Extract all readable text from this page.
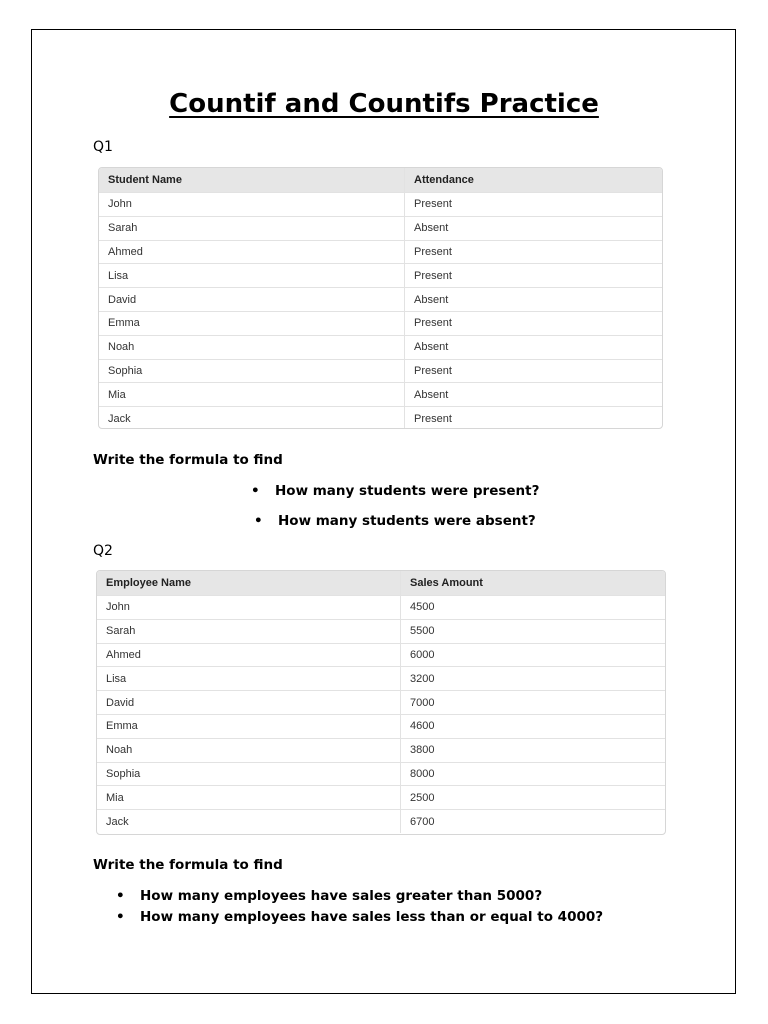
Countif and Countifs Practice
Q1
Student Name	Attendance
John	Present
Sarah	Absent
Ahmed	Present
Lisa	Present
David	Absent
Emma	Present
Noah	Absent
Sophia	Present
Mia	Absent
Jack	Present
Write the formula to find
• How many students were present?
• How many students were absent?
Q2
Employee Name	Sales Amount
John	4500
Sarah	5500
Ahmed	6000
Lisa	3200
David	7000
Emma	4600
Noah	3800
Sophia	8000
Mia	2500
Jack	6700
Write the formula to find
• How many employees have sales greater than 5000?
• How many employees have sales less than or equal to 4000?
